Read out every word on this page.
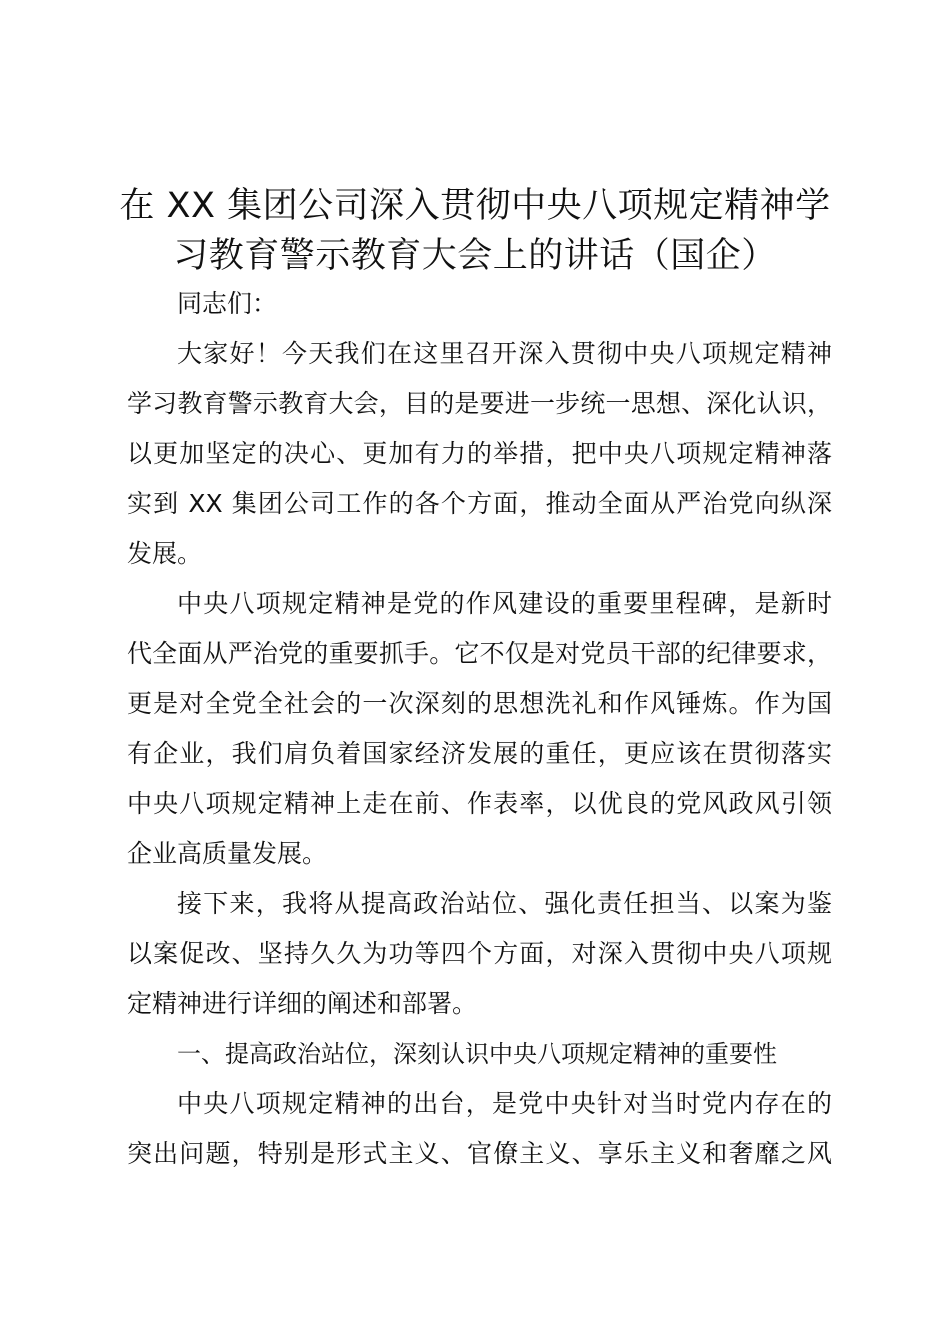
在 XX 集团公司深入贯彻中央八项规定精神学
习教育警示教育大会上的讲话（国企）

同志们：

大家好！今天我们在这里召开深入贯彻中央八项规定精神
学习教育警示教育大会，目的是要进一步统一思想、深化认识，
以更加坚定的决心、更加有力的举措，把中央八项规定精神落
实到 XX 集团公司工作的各个方面，推动全面从严治党向纵深
发展。
中央八项规定精神是党的作风建设的重要里程碑，是新时
代全面从严治党的重要抓手。它不仅是对党员干部的纪律要求，
更是对全党全社会的一次深刻的思想洗礼和作风锤炼。作为国
有企业，我们肩负着国家经济发展的重任，更应该在贯彻落实
中央八项规定精神上走在前、作表率，以优良的党风政风引领
企业高质量发展。
接下来，我将从提高政治站位、强化责任担当、以案为鉴
以案促改、坚持久久为功等四个方面，对深入贯彻中央八项规
定精神进行详细的阐述和部署。
一、提高政治站位，深刻认识中央八项规定精神的重要性
中央八项规定精神的出台，是党中央针对当时党内存在的
突出问题，特别是形式主义、官僚主义、享乐主义和奢靡之风
